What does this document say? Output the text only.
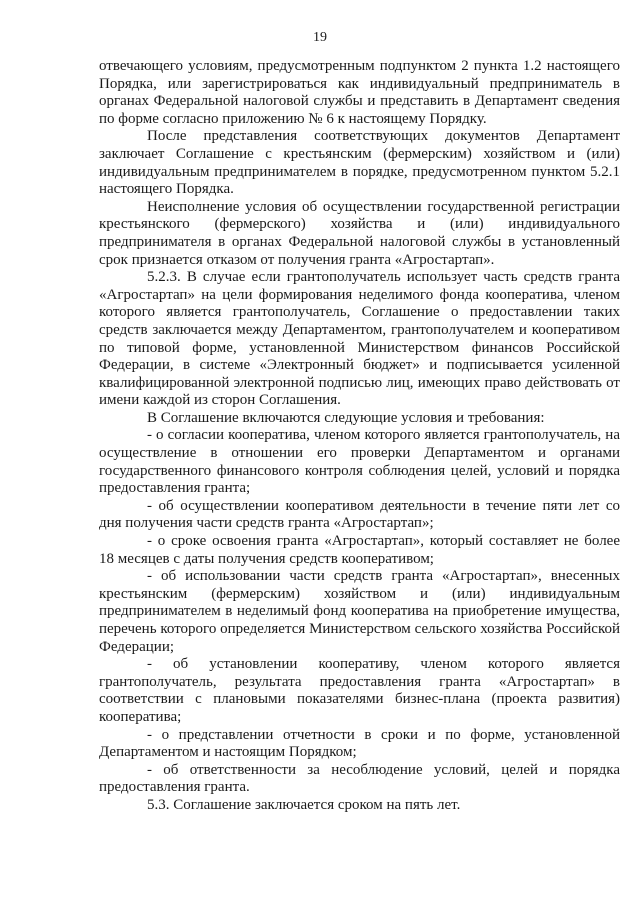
19

отвечающего условиям, предусмотренным подпунктом 2 пункта 1.2 настоящего Порядка, или зарегистрироваться как индивидуальный предприниматель в органах Федеральной налоговой службы и представить в Департамент сведения по форме согласно приложению № 6 к настоящему Порядку.

После представления соответствующих документов Департамент заключает Соглашение с крестьянским (фермерским) хозяйством и (или) индивидуальным предпринимателем в порядке, предусмотренном пунктом 5.2.1 настоящего Порядка.

Неисполнение условия об осуществлении государственной регистрации крестьянского (фермерского) хозяйства и (или) индивидуального предпринимателя в органах Федеральной налоговой службы в установленный срок признается отказом от получения гранта «Агростартап».

5.2.3. В случае если грантополучатель использует часть средств гранта «Агростартап» на цели формирования неделимого фонда кооператива, членом которого является грантополучатель, Соглашение о предоставлении таких средств заключается между Департаментом, грантополучателем и кооперативом по типовой форме, установленной Министерством финансов Российской Федерации, в системе «Электронный бюджет» и подписывается усиленной квалифицированной электронной подписью лиц, имеющих право действовать от имени каждой из сторон Соглашения.

В Соглашение включаются следующие условия и требования:

- о согласии кооператива, членом которого является грантополучатель, на осуществление в отношении его проверки Департаментом и органами государственного финансового контроля соблюдения целей, условий и порядка предоставления гранта;

- об осуществлении кооперативом деятельности в течение пяти лет со дня получения части средств гранта «Агростартап»;

- о сроке освоения гранта «Агростартап», который составляет не более 18 месяцев с даты получения средств кооперативом;

- об использовании части средств гранта «Агростартап», внесенных крестьянским (фермерским) хозяйством и (или) индивидуальным предпринимателем в неделимый фонд кооператива на приобретение имущества, перечень которого определяется Министерством сельского хозяйства Российской Федерации;

- об установлении кооперативу, членом которого является грантополучатель, результата предоставления гранта «Агростартап» в соответствии с плановыми показателями бизнес-плана (проекта развития) кооператива;

- о представлении отчетности в сроки и по форме, установленной Департаментом и настоящим Порядком;

- об ответственности за несоблюдение условий, целей и порядка предоставления гранта.

5.3. Соглашение заключается сроком на пять лет.
